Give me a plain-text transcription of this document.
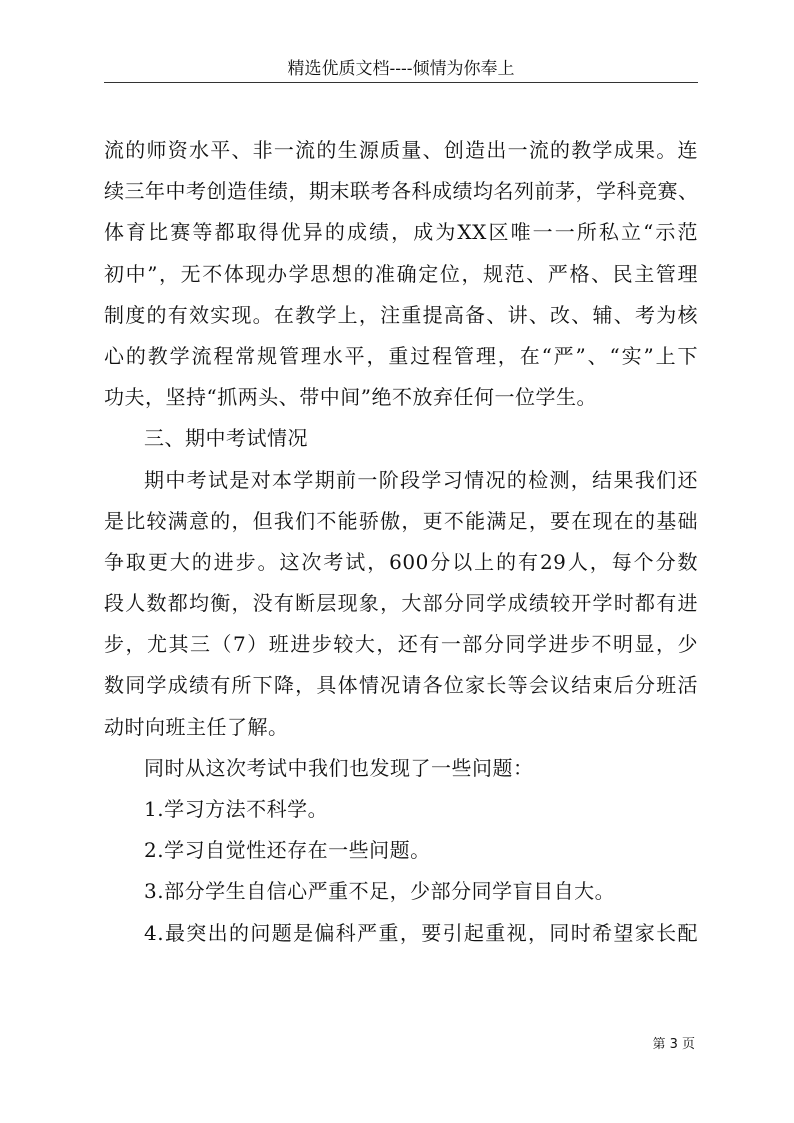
精选优质文档----倾情为你奉上
流的师资水平、非一流的生源质量、创造出一流的教学成果。连
续三年中考创造佳绩，期末联考各科成绩均名列前茅，学科竞赛、
体育比赛等都取得优异的成绩，成为XX区唯一一所私立“示范
初中”，无不体现办学思想的准确定位，规范、严格、民主管理
制度的有效实现。在教学上，注重提高备、讲、改、辅、考为核
心的教学流程常规管理水平，重过程管理，在“严”、“实”上下
功夫，坚持“抓两头、带中间”绝不放弃任何一位学生。
三、期中考试情况
期中考试是对本学期前一阶段学习情况的检测，结果我们还
是比较满意的，但我们不能骄傲，更不能满足，要在现在的基础
争取更大的进步。这次考试，600分以上的有29人，每个分数
段人数都均衡，没有断层现象，大部分同学成绩较开学时都有进
步，尤其三（7）班进步较大，还有一部分同学进步不明显，少
数同学成绩有所下降，具体情况请各位家长等会议结束后分班活
动时向班主任了解。
同时从这次考试中我们也发现了一些问题：
1.学习方法不科学。
2.学习自觉性还存在一些问题。
3.部分学生自信心严重不足，少部分同学盲目自大。
4.最突出的问题是偏科严重，要引起重视，同时希望家长配
第 3 页
